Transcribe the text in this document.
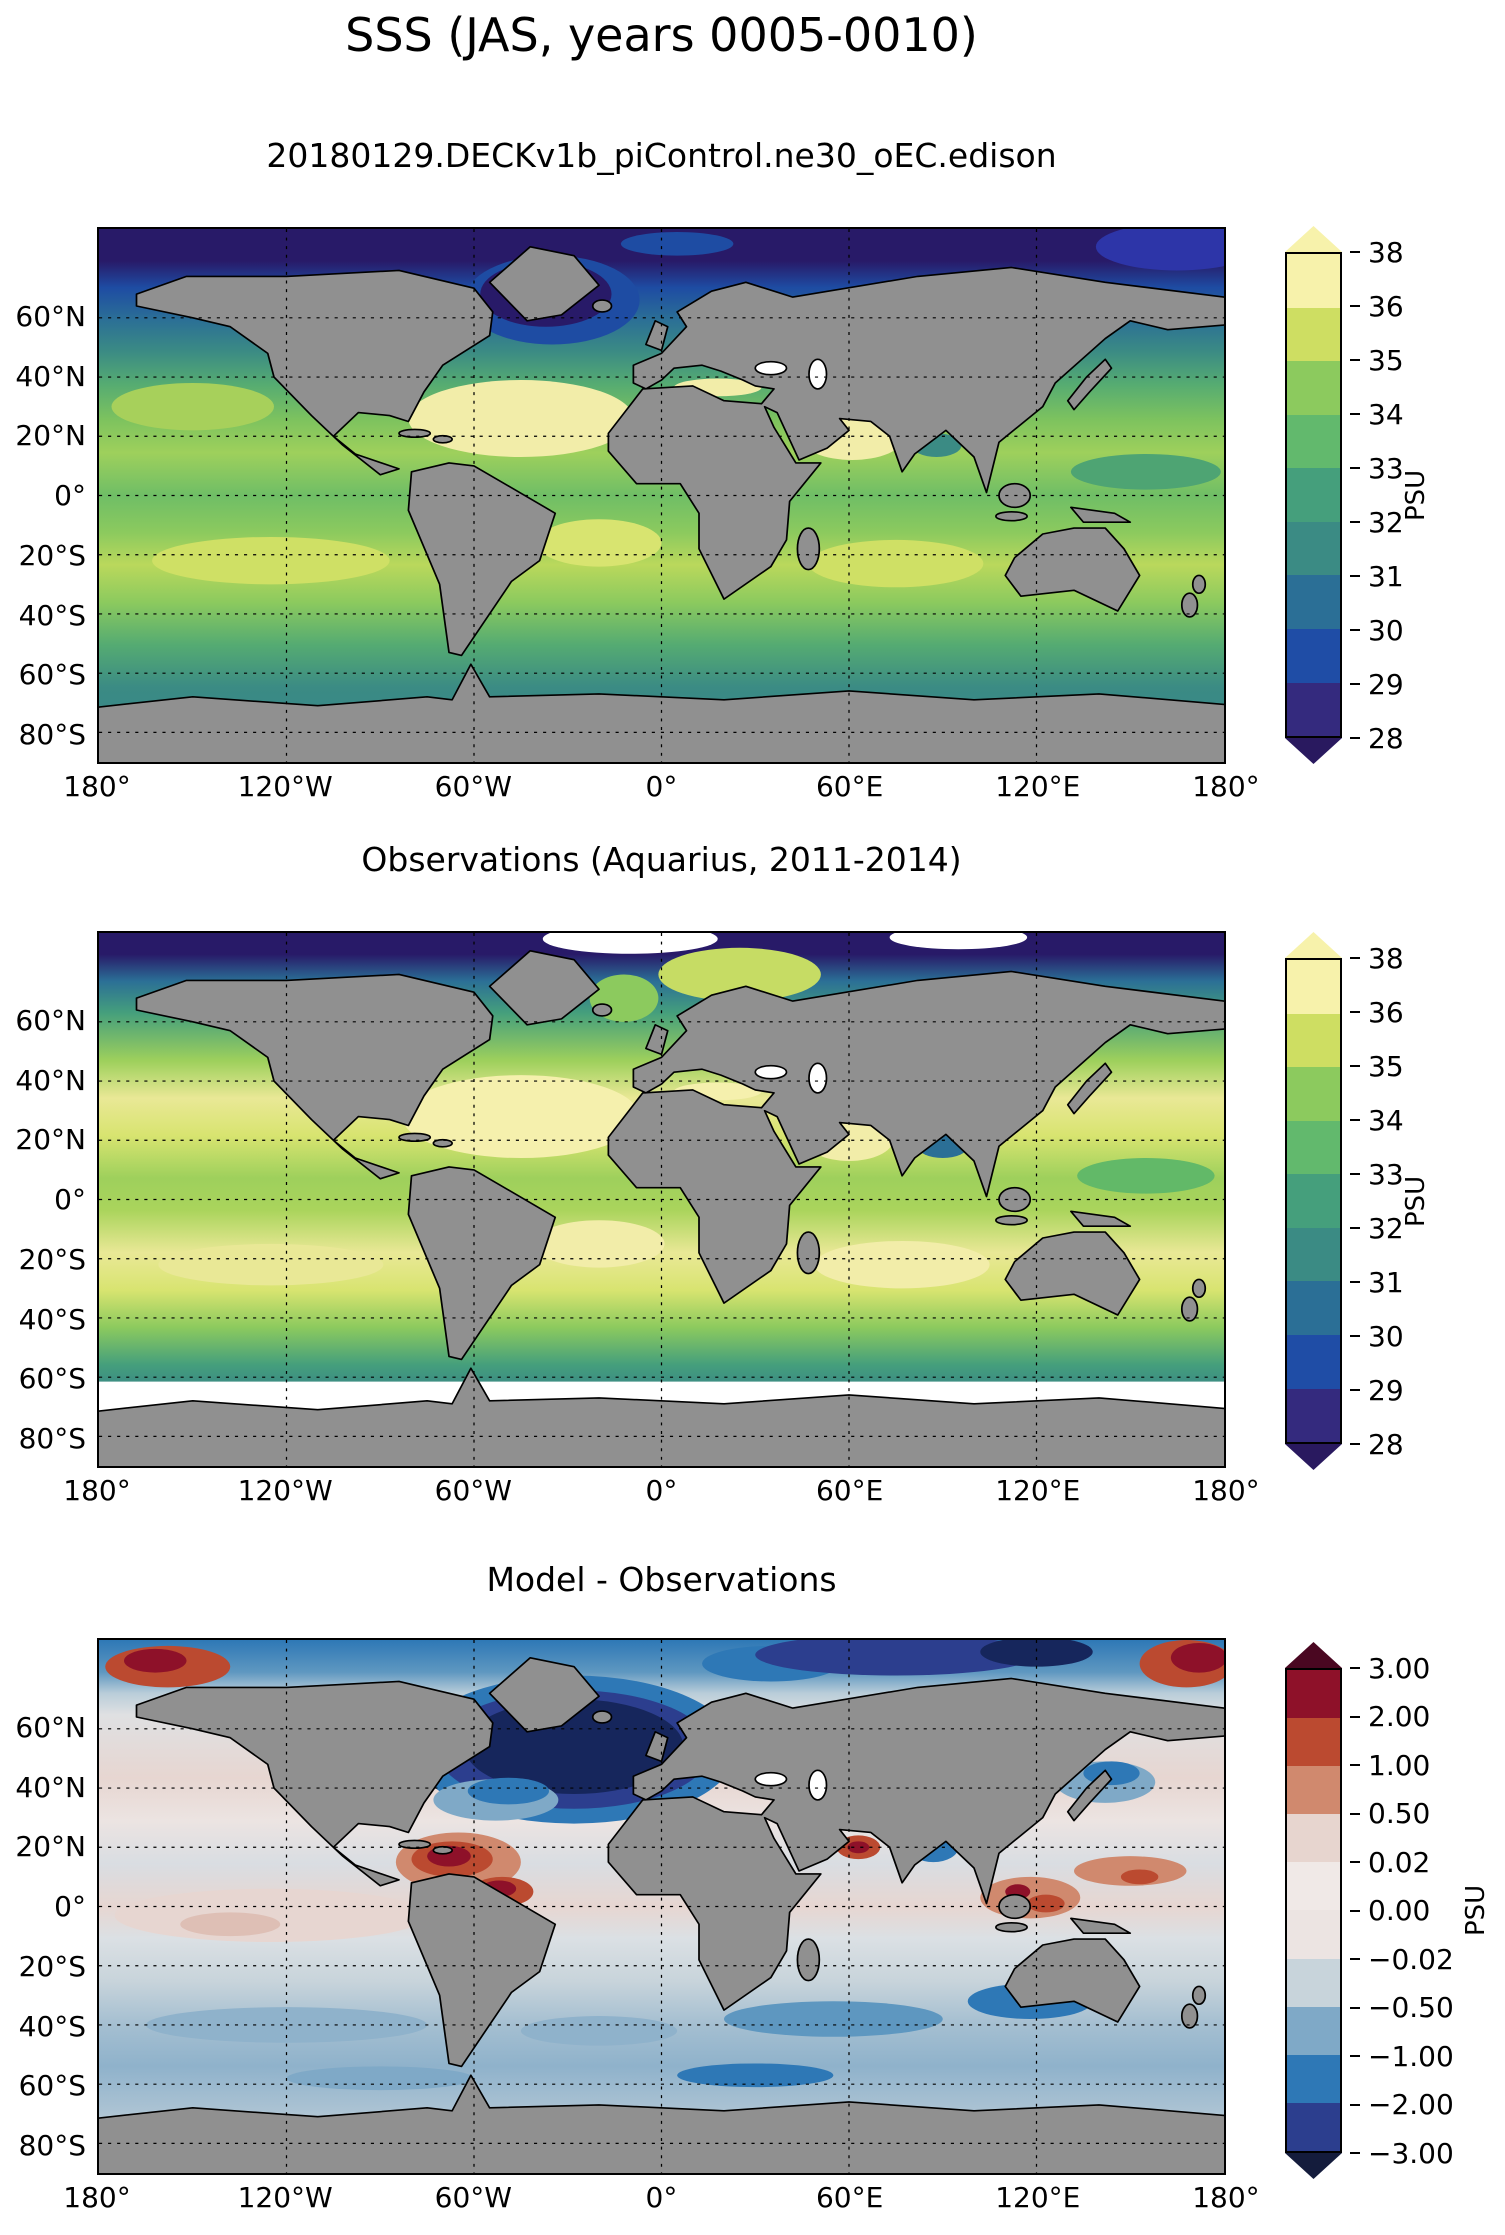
SSS (JAS, years 0005-0010)
20180129.DECKv1b_piControl.ne30_oEC.edison
60°N
40°N
20°N
0°
20°S
40°S
60°S
80°S
180°	120°W	60°W	0°	60°E	120°E	180°
38
36
35
34
33
32
31
30
29
28
PSU
Observations (Aquarius, 2011-2014)
60°N
40°N
20°N
0°
20°S
40°S
60°S
80°S
180°	120°W	60°W	0°	60°E	120°E	180°
38
36
35
34
33
32
31
30
29
28
PSU
Model - Observations
60°N
40°N
20°N
0°
20°S
40°S
60°S
80°S
180°	120°W	60°W	0°	60°E	120°E	180°
3.00
2.00
1.00
0.50
0.02
0.00
−0.02
−0.50
−1.00
−2.00
−3.00
PSU
